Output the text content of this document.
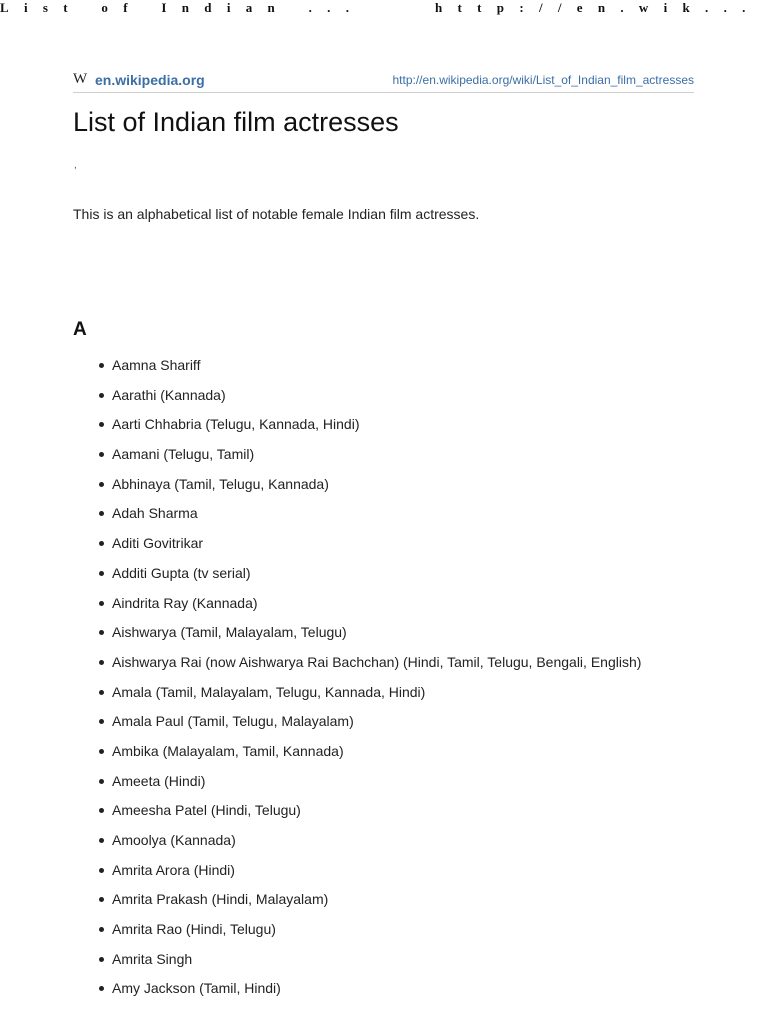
List of Indian ...	http://en.wik...
W en.wikipedia.org	http://en.wikipedia.org/wiki/List_of_Indian_film_actresses
List of Indian film actresses
,

This is an alphabetical list of notable female Indian film actresses.

A
Aamna Shariff
Aarathi (Kannada)
Aarti Chhabria (Telugu, Kannada, Hindi)
Aamani (Telugu, Tamil)
Abhinaya (Tamil, Telugu, Kannada)
Adah Sharma
Aditi Govitrikar
Additi Gupta (tv serial)
Aindrita Ray (Kannada)
Aishwarya (Tamil, Malayalam, Telugu)
Aishwarya Rai (now Aishwarya Rai Bachchan) (Hindi, Tamil, Telugu, Bengali, English)
Amala (Tamil, Malayalam, Telugu, Kannada, Hindi)
Amala Paul (Tamil, Telugu, Malayalam)
Ambika (Malayalam, Tamil, Kannada)
Ameeta (Hindi)
Ameesha Patel (Hindi, Telugu)
Amoolya (Kannada)
Amrita Arora (Hindi)
Amrita Prakash (Hindi, Malayalam)
Amrita Rao (Hindi, Telugu)
Amrita Singh
Amy Jackson (Tamil, Hindi)
